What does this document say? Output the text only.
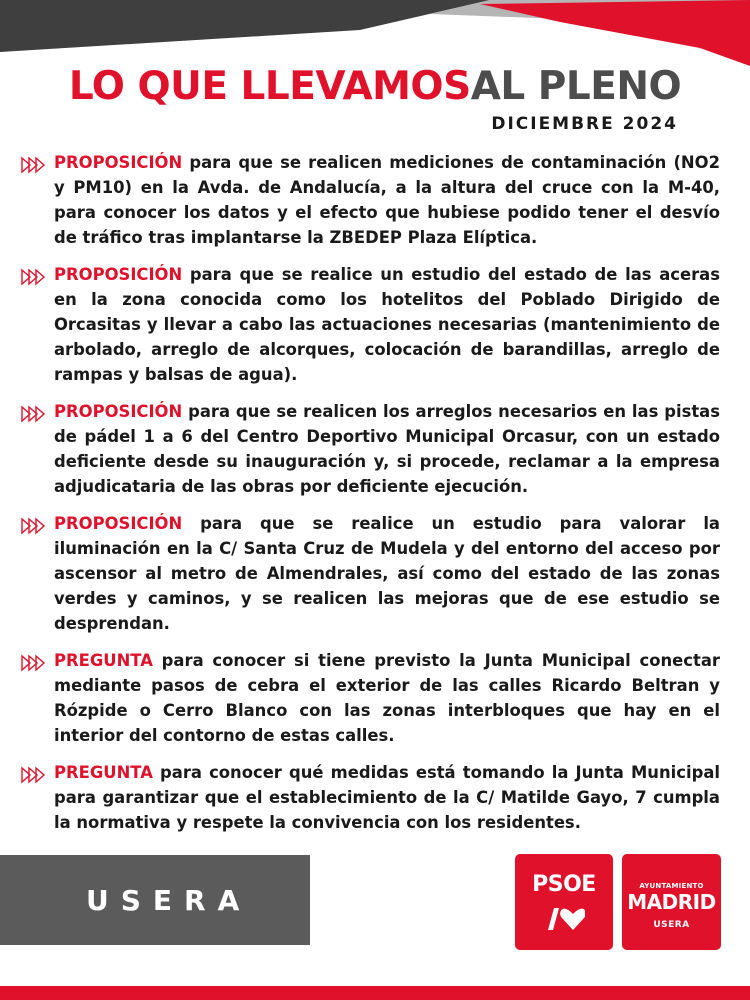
LO QUE LLEVAMOSAL PLENO
DICIEMBRE 2024

PROPOSICIÓN para que se realicen mediciones de contaminación (NO2 y PM10) en la Avda. de Andalucía, a la altura del cruce con la M-40, para conocer los datos y el efecto que hubiese podido tener el desvío de tráfico tras implantarse la ZBEDEP Plaza Elíptica.

PROPOSICIÓN para que se realice un estudio del estado de las aceras en la zona conocida como los hotelitos del Poblado Dirigido de Orcasitas y llevar a cabo las actuaciones necesarias (mantenimiento de arbolado, arreglo de alcorques, colocación de barandillas, arreglo de rampas y balsas de agua).

PROPOSICIÓN para que se realicen los arreglos necesarios en las pistas de pádel 1 a 6 del Centro Deportivo Municipal Orcasur, con un estado deficiente desde su inauguración y, si procede, reclamar a la empresa adjudicataria de las obras por deficiente ejecución.

PROPOSICIÓN para que se realice un estudio para valorar la iluminación en la C/ Santa Cruz de Mudela y del entorno del acceso por ascensor al metro de Almendrales, así como del estado de las zonas verdes y caminos, y se realicen las mejoras que de ese estudio se desprendan.

PREGUNTA para conocer si tiene previsto la Junta Municipal conectar mediante pasos de cebra el exterior de las calles Ricardo Beltran y Rózpide o Cerro Blanco con las zonas interbloques que hay en el interior del contorno de estas calles.

PREGUNTA para conocer qué medidas está tomando la Junta Municipal para garantizar que el establecimiento de la C/ Matilde Gayo, 7 cumpla la normativa y respete la convivencia con los residentes.

USERA	PSOE	AYUNTAMIENTO
MADRID
USERA
